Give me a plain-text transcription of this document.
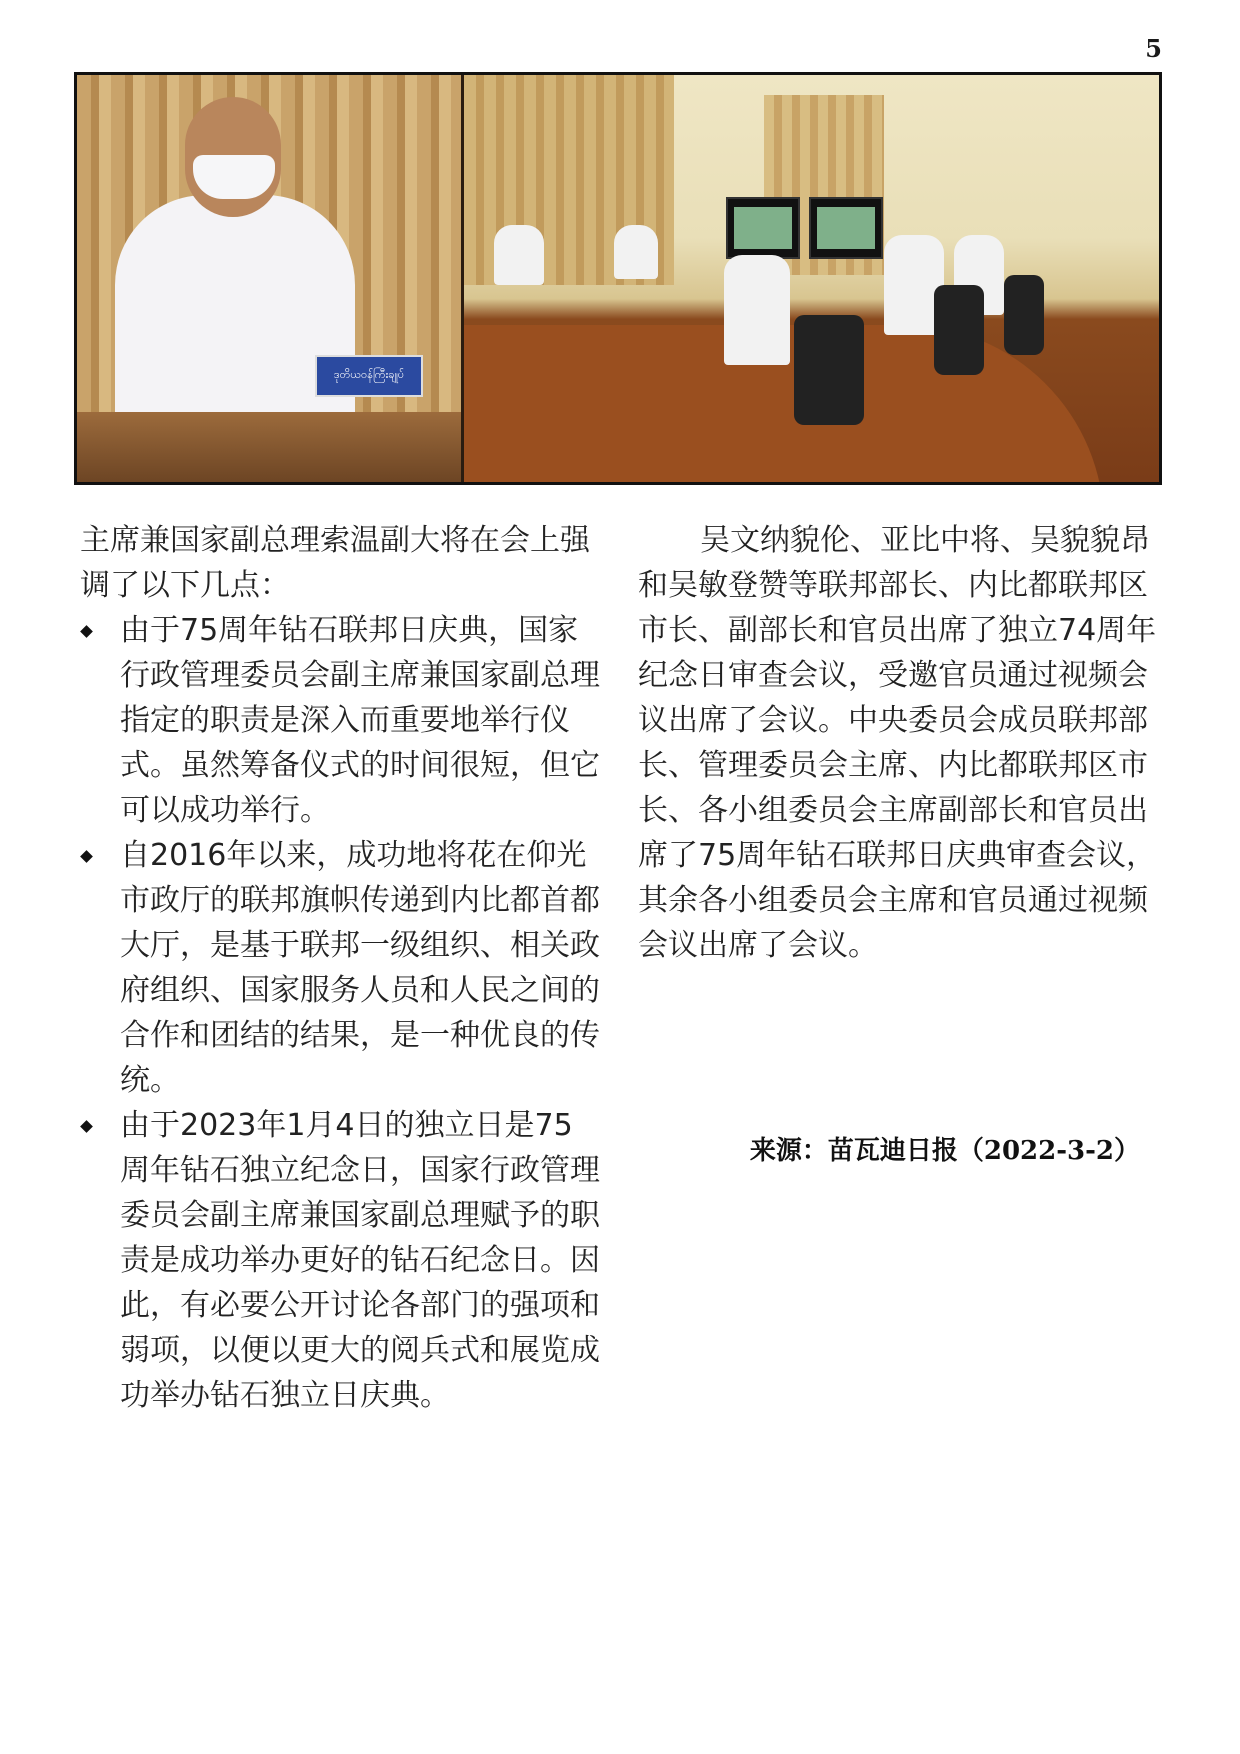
5
ဒုတိယဝန်ကြီးချုပ်

主席兼国家副总理索温副大将在会上强调了以下几点：

由于75周年钻石联邦日庆典，国家行政管理委员会副主席兼国家副总理指定的职责是深入而重要地举行仪式。虽然筹备仪式的时间很短，但它可以成功举行。
自2016年以来，成功地将花在仰光市政厅的联邦旗帜传递到内比都首都大厅，是基于联邦一级组织、相关政府组织、国家服务人员和人民之间的合作和团结的结果，是一种优良的传统。
由于2023年1月4日的独立日是75周年钻石独立纪念日，国家行政管理委员会副主席兼国家副总理赋予的职责是成功举办更好的钻石纪念日。因此，有必要公开讨论各部门的强项和弱项，以便以更大的阅兵式和展览成功举办钻石独立日庆典。

吴文纳貌伦、亚比中将、吴貌貌昂和吴敏登赞等联邦部长、内比都联邦区市长、副部长和官员出席了独立74周年纪念日审查会议，受邀官员通过视频会议出席了会议。中央委员会成员联邦部长、管理委员会主席、内比都联邦区市长、各小组委员会主席副部长和官员出席了75周年钻石联邦日庆典审查会议，其余各小组委员会主席和官员通过视频会议出席了会议。

来源：苗瓦迪日报（2022-3-2）
